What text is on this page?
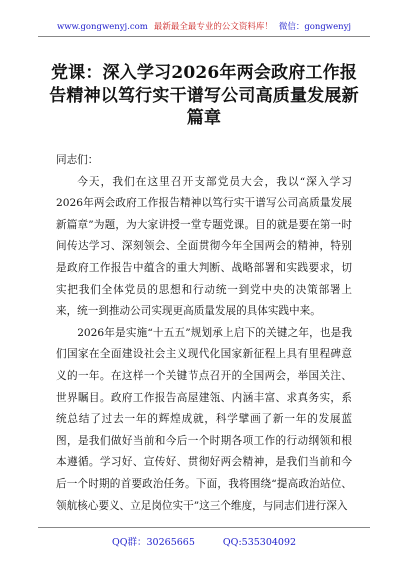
www.gongwenyj.com 最新最全最专业的公文资料库！ 微信：gongwenyj
党课：深入学习2026年两会政府工作报告精神以笃行实干谱写公司高质量发展新篇章

同志们：

今天，我们在这里召开支部党员大会，我以“深入学习2026年两会政府工作报告精神以笃行实干谱写公司高质量发展新篇章”为题，为大家讲授一堂专题党课。目的就是要在第一时间传达学习、深刻领会、全面贯彻今年全国两会的精神，特别是政府工作报告中蕴含的重大判断、战略部署和实践要求，切实把我们全体党员的思想和行动统一到党中央的决策部署上来，统一到推动公司实现更高质量发展的具体实践中来。

2026年是实施“十五五”规划承上启下的关键之年，也是我们国家在全面建设社会主义现代化国家新征程上具有里程碑意义的一年。在这样一个关键节点召开的全国两会，举国关注、世界瞩目。政府工作报告高屋建瓴、内涵丰富、求真务实，系统总结了过去一年的辉煌成就，科学擘画了新一年的发展蓝图，是我们做好当前和今后一个时期各项工作的行动纲领和根本遵循。学习好、宣传好、贯彻好两会精神，是我们当前和今后一个时期的首要政治任务。下面，我将围绕“提高政治站位、领航核心要义、立足岗位实干”这三个维度，与同志们进行深入

QQ群：30265665	QQ:535304092
